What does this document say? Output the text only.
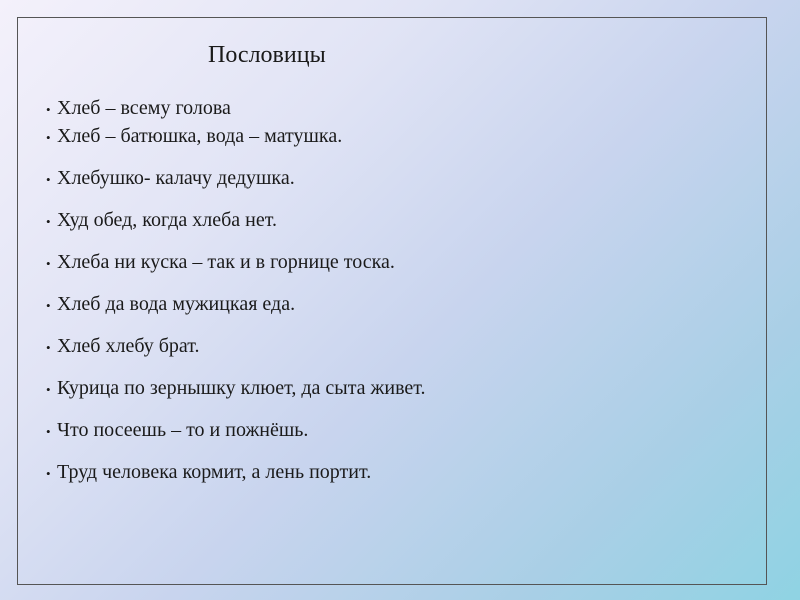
Пословицы
• Хлеб – всему голова
• Хлеб – батюшка, вода – матушка.
• Хлебушко- калачу дедушка.
• Худ обед, когда хлеба нет.
• Хлеба ни куска – так и в горнице тоска.
• Хлеб да вода мужицкая еда.
• Хлеб хлебу брат.
• Курица по зернышку клюет, да сыта живет.
• Что посеешь – то и пожнёшь.
• Труд человека кормит, а лень портит.
